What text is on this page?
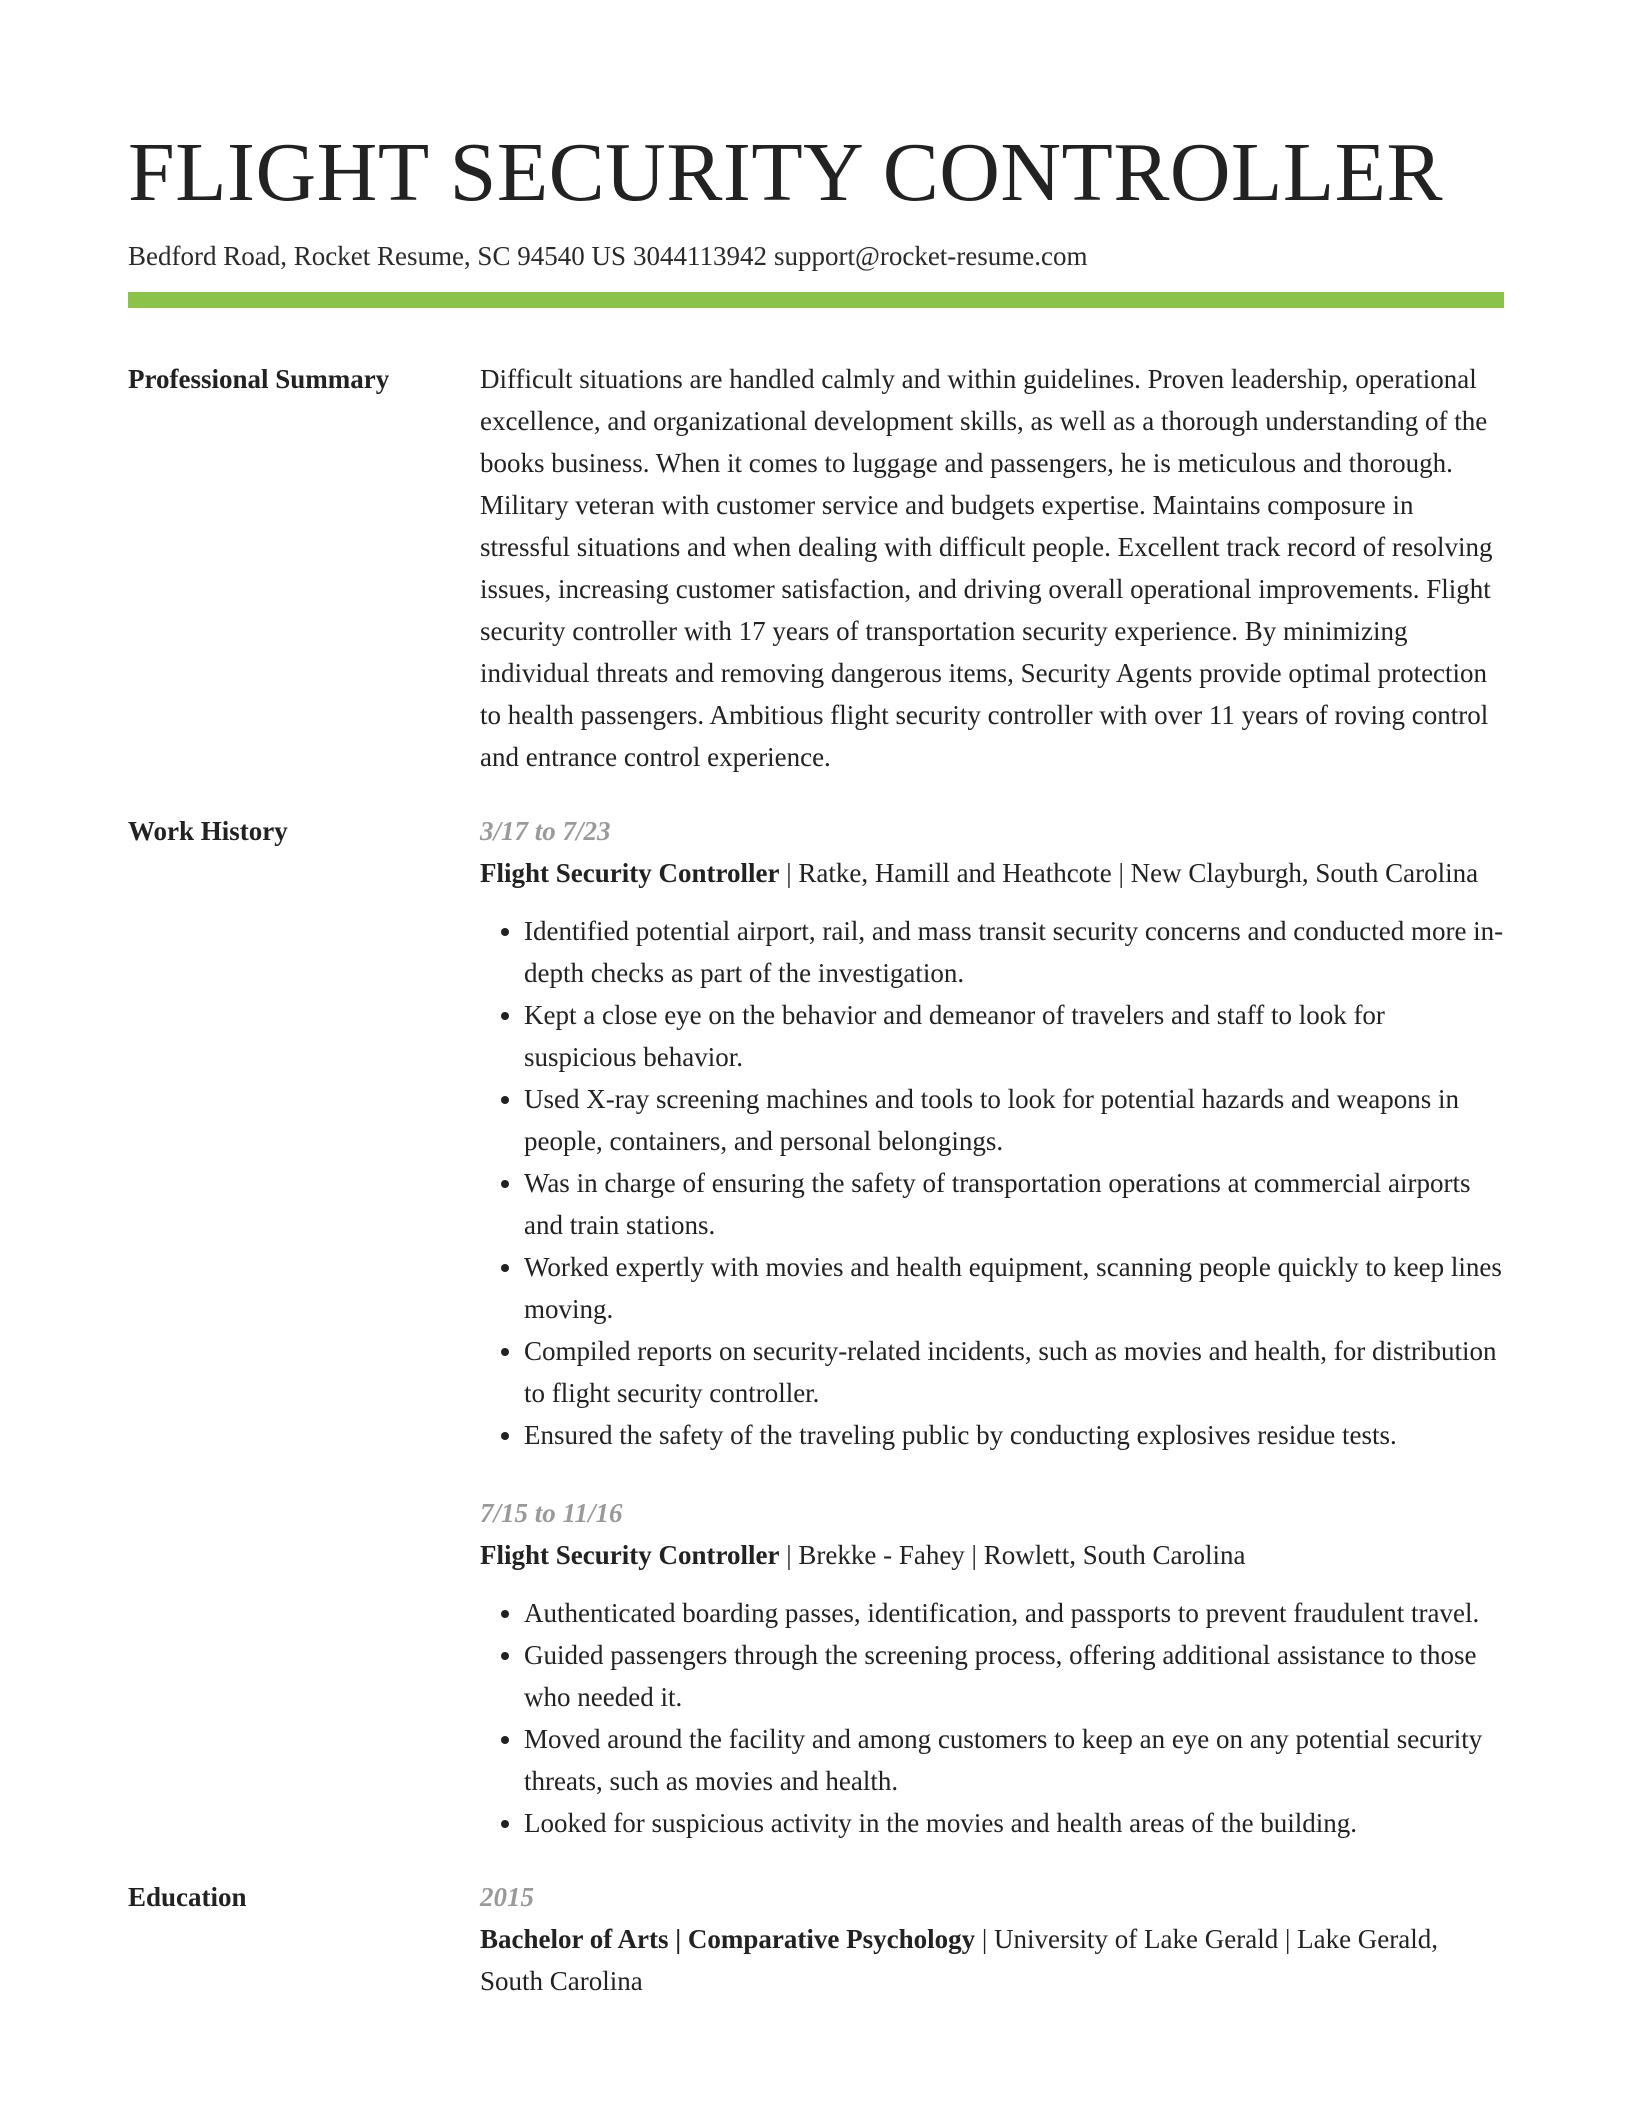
FLIGHT SECURITY CONTROLLER
Bedford Road, Rocket Resume, SC 94540 US 3044113942 support@rocket-resume.com
Professional Summary	Difficult situations are handled calmly and within guidelines. Proven leadership, operational excellence, and organizational development skills, as well as a thorough understanding of the books business. When it comes to luggage and passengers, he is meticulous and thorough. Military veteran with customer service and budgets expertise. Maintains composure in stressful situations and when dealing with difficult people. Excellent track record of resolving issues, increasing customer satisfaction, and driving overall operational improvements. Flight security controller with 17 years of transportation security experience. By minimizing individual threats and removing dangerous items, Security Agents provide optimal protection to health passengers. Ambitious flight security controller with over 11 years of roving control and entrance control experience.

Work History	3/17 to 7/23
Flight Security Controller | Ratke, Hamill and Heathcote | New Clayburgh, South Carolina
• Identified potential airport, rail, and mass transit security concerns and conducted more in-depth checks as part of the investigation.
• Kept a close eye on the behavior and demeanor of travelers and staff to look for suspicious behavior.
• Used X-ray screening machines and tools to look for potential hazards and weapons in people, containers, and personal belongings.
• Was in charge of ensuring the safety of transportation operations at commercial airports and train stations.
• Worked expertly with movies and health equipment, scanning people quickly to keep lines moving.
• Compiled reports on security-related incidents, such as movies and health, for distribution to flight security controller.
• Ensured the safety of the traveling public by conducting explosives residue tests.
7/15 to 11/16
Flight Security Controller | Brekke - Fahey | Rowlett, South Carolina
• Authenticated boarding passes, identification, and passports to prevent fraudulent travel.
• Guided passengers through the screening process, offering additional assistance to those who needed it.
• Moved around the facility and among customers to keep an eye on any potential security threats, such as movies and health.
• Looked for suspicious activity in the movies and health areas of the building.
Education	2015
Bachelor of Arts | Comparative Psychology | University of Lake Gerald | Lake Gerald, South Carolina
